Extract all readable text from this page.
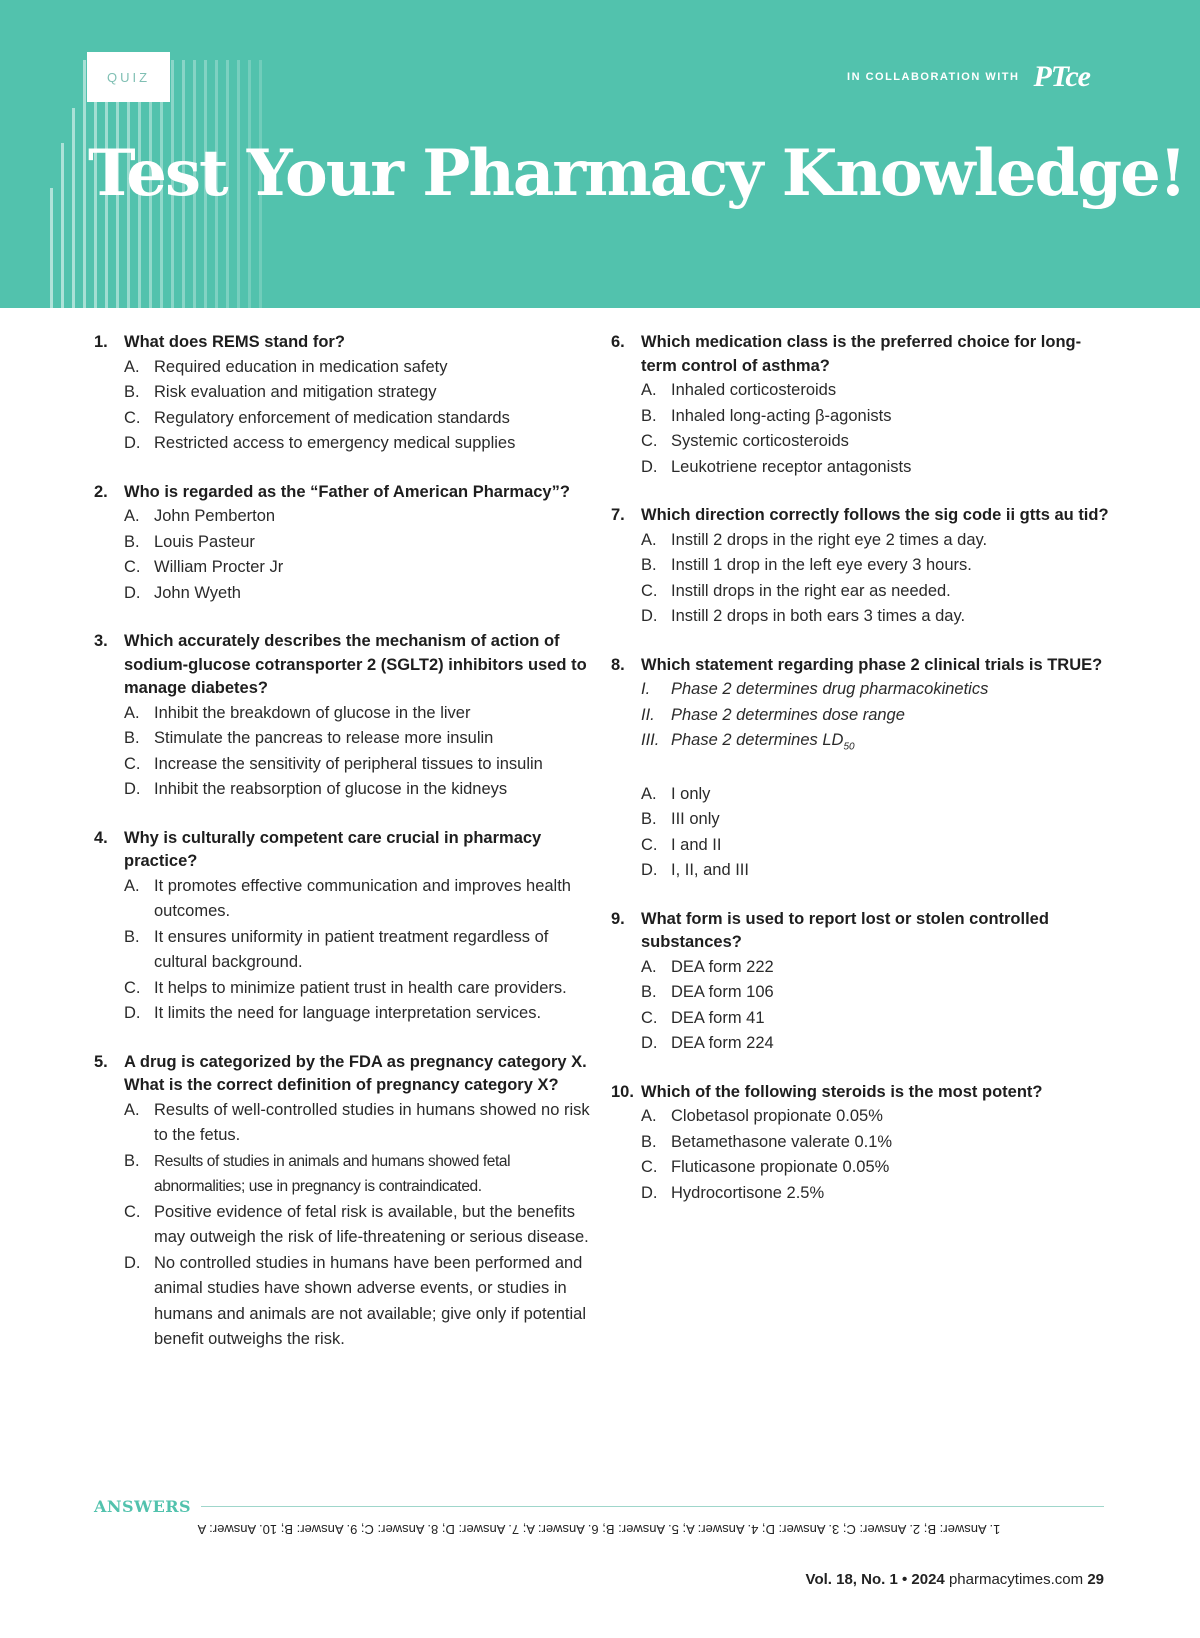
QUIZ	IN COLLABORATION WITH PTce
Test Your Pharmacy Knowledge!
1. What does REMS stand for?
A. Required education in medication safety
B. Risk evaluation and mitigation strategy
C. Regulatory enforcement of medication standards
D. Restricted access to emergency medical supplies
2. Who is regarded as the “Father of American Pharmacy”?
A. John Pemberton
B. Louis Pasteur
C. William Procter Jr
D. John Wyeth
3. Which accurately describes the mechanism of action of sodium-glucose cotransporter 2 (SGLT2) inhibitors used to manage diabetes?
A. Inhibit the breakdown of glucose in the liver
B. Stimulate the pancreas to release more insulin
C. Increase the sensitivity of peripheral tissues to insulin
D. Inhibit the reabsorption of glucose in the kidneys
4. Why is culturally competent care crucial in pharmacy practice?
A. It promotes effective communication and improves health outcomes.
B. It ensures uniformity in patient treatment regardless of cultural background.
C. It helps to minimize patient trust in health care providers.
D. It limits the need for language interpretation services.
5. A drug is categorized by the FDA as pregnancy category X. What is the correct definition of pregnancy category X?
A. Results of well-controlled studies in humans showed no risk to the fetus.
B. Results of studies in animals and humans showed fetal abnormalities; use in pregnancy is contraindicated.
C. Positive evidence of fetal risk is available, but the benefits may outweigh the risk of life-threatening or serious disease.
D. No controlled studies in humans have been performed and animal studies have shown adverse events, or studies in humans and animals are not available; give only if potential benefit outweighs the risk.
6. Which medication class is the preferred choice for long-term control of asthma?
A. Inhaled corticosteroids
B. Inhaled long-acting β-agonists
C. Systemic corticosteroids
D. Leukotriene receptor antagonists
7. Which direction correctly follows the sig code ii gtts au tid?
A. Instill 2 drops in the right eye 2 times a day.
B. Instill 1 drop in the left eye every 3 hours.
C. Instill drops in the right ear as needed.
D. Instill 2 drops in both ears 3 times a day.
8. Which statement regarding phase 2 clinical trials is TRUE?
I.	Phase 2 determines drug pharmacokinetics
II. Phase 2 determines dose range
III. Phase 2 determines $LD_{50}$
A. I only
B. III only
C. I and II
D. I, II, and III
9. What form is used to report lost or stolen controlled substances?
A. DEA form 222
B. DEA form 106
C. DEA form 41
D. DEA form 224
10. Which of the following steroids is the most potent?
A. Clobetasol propionate 0.05%
B. Betamethasone valerate 0.1%
C. Fluticasone propionate 0.05%
D. Hydrocortisone 2.5%
ANSWERS
1. Answer: B; 2. Answer: C; 3. Answer: D; 4. Answer: A; 5. Answer: B; 6. Answer: A; 7. Answer: D; 8. Answer: C; 9. Answer: B; 10. Answer: A
Vol. 18, No. 1 • 2024 pharmacytimes.com 29
